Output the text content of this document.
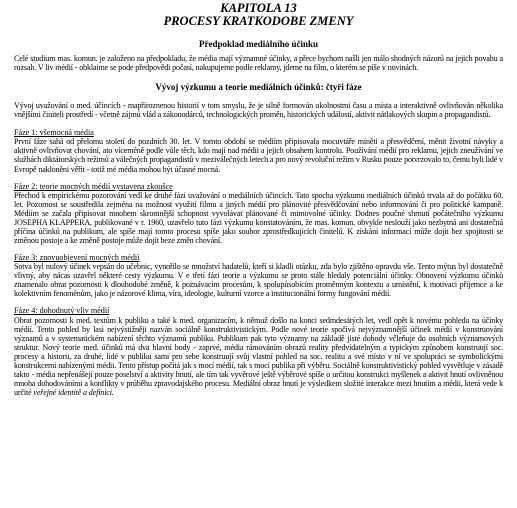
KAPITOLA 13
PROCESY KRATKODOBE ZMENY
Předpoklad mediálního účinku

Celé studium mas. komun. je založeno na předpokladu, že média mají významné účinky, a přece bychom našli jen málo shodných názorů na jejich povahu a rozsah. V liv médií - obklaime se pode předpovědi počasí, nakupujeme podle reklamy, jdeme na film, o kterém se píše v novinách.

Vývoj výzkumu a teorie mediálních účinků: čtyři fáze

Vývoj uvažování o med. účincích - mapříroznenou historií v tom smyslu, že je silně formován okolnostmi času a místa a interaktivně ovlivňován několika vnějšími činiteli prostředí - včetně zájmů vlád a zákonodárců, technologických proměn, historických událostí, aktivit nátlakových skupin a propagandistů.

Fáze 1: všemocná média

První fáze sahá od přelomu století do pozdních 30. let. V tomto období se médiím připisovala mocuvtáře míněti a přesvědčení, měnit životní návyky a aktivně ovlivňovat chování, ato víceméně podle vůle těch, kdo mají nad médii a jejich obsahem kontrolu. Používání médií pro reklamu, jejich zneužívání ve službách diktátorských režimů a válečných propagandistů v meziválečných letech a pro nový revoluční režim v Rusku pouze potvrzovalo to, čemu byli lidé v Evropě nakloněni věřit - totiž mé média mohou být účasné mocná.

Fáze 2: teorie mocných médií vystavena zkoušce

Přechod k empirickému pozorování vedl ke druhé fázi uvažování o mediálních účincích. Tato spocha výzkumu mediálních účinků trvala až do počátku 60. let. Pozornost se soustředila zejména na možnost využití filmu a jiných médií pro plánovité přesvědčování nebo informování či pro politické kampaně. Médiím se začala připisovat mnohem skromnější schopnost vyvolávat plánované či mimovolné účinky. Dodnes poučné shrnutí počátečního výzkumu JOSEPHA KLAPPERA, publikované v r. 1960, uzavřelo tuto fázi výzkumu konstatováním, že mas. komun. obvykle neslouží jako nezbytná ani dostatečná příčina účinků na publikum, ale spíše mají tomto procesu spíše jako soubor zprostředkujících činitelů. K získání informací může dojít bez spojitosti se změnou postoje a ke změně postoje může dojít beze změn chování.

Fáze 3: znovuobjevení mocných médií

Sotva byl nulový účinek vepsán do učebnic, vynořilo se množství badatelů, kteří si kladli otázku, zda bylo zjištěno opravdu vše. Tento mýtus byl dostatečně vlivný, aby nácas uzavřel některé cesty výzkumu. V e třetí fázi teorie a výzkumu se proto stále hledaly potenciální účinky. Obnovení výzkumu účinků znamenalo obrat pozornosti k dlouhodobé změně, k poznávacím procesům, k spolupůsobícím proměnným kontextu a umístění, k motivaci příjemce a ke kolektivním fenoménům, jako je názorové klima, víra, ideologie, kulturní vzorce a institucionální formy fungování médií.

Fáze 4: dohodnutý vliv médií

Obrat pozornosti k med. textům k publiku a také k med. organizacím, k němuž došlo na konci sedmdesátých let, vedl opět k novému pohledu na účinky médií. Tento pohled by lasi nejvýstižněji nazván sociálně konstruktivistickým. Podle nové teorie spočívá nejvýznamnější účinek médií v konstruování významů a v systematickém nabízení těchto významů publiku. Publikum pak tyto významy na základě jisté dohody včleňuje do osobních významových struktur. Nový teorie med. účinků má dva hlavní body - zaprvé, média rámováním obrazů reality předvídatelným a typickým způsobem konstruují soc. procesy a historii, za druhé, lidé v publiku sami pro sebe konstruují svůj vlastní pohled na soc. realitu a své místo v ní ve spolupráci se symbolickými konstrukcemi nabízenými médii. Tento přístup počítá jak s mocí médií, tak s mocí publika při výběru. Sociálně konstruktivistický pohled vysvětluje v zásadě takto - média nepřenášejí pouze poselství a aktivity hnutí, ale tím tak vyvěrové ještě výběrové spíše o určitou konstrukci myšlenek a aktivit hnutí ovlivněnou mnoha dohodováními a konflikty v průběhu zpravodajského procesu. Mediální obraz hnutí je výsledkem složité interakce mezi hnutím a médii, která vede k určité veřejné identitě a definici.
